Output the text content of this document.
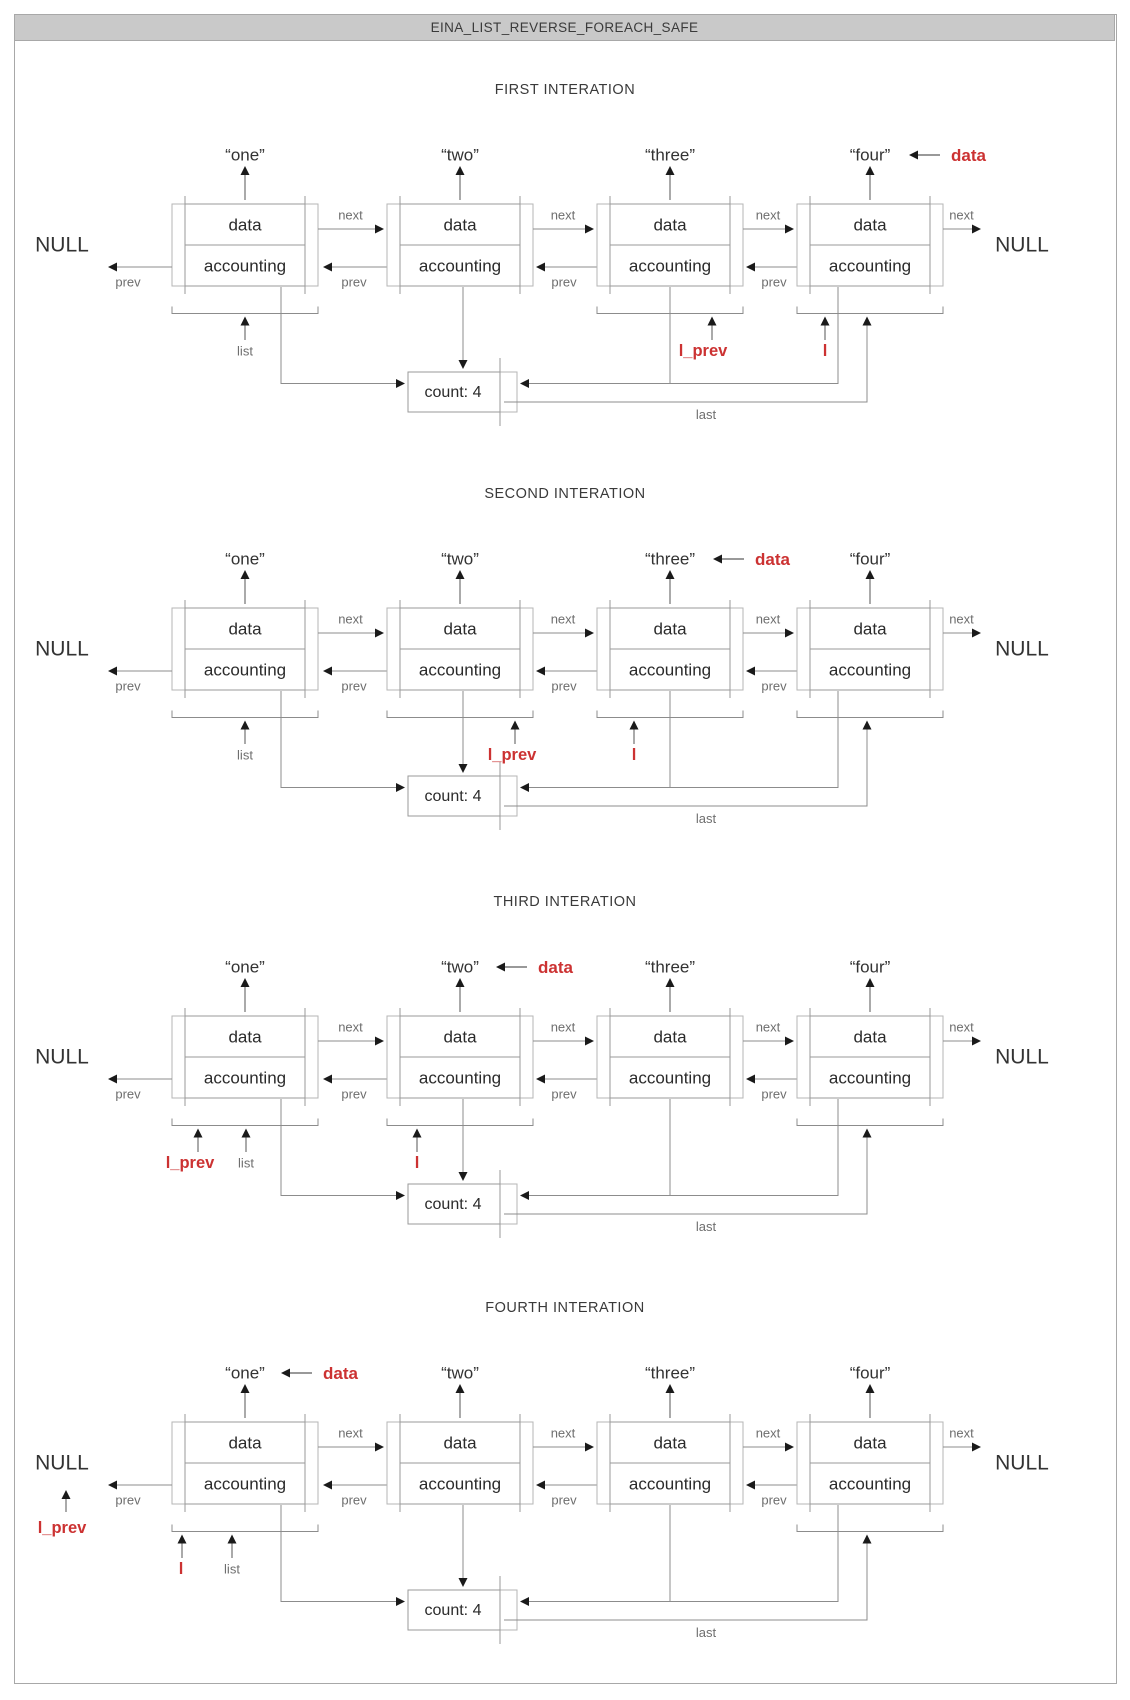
EINA_LIST_REVERSE_FOREACH_SAFE
FIRST INTERATION
data
accounting
“one”
next
prev
data
accounting
“two”
next
prev
data
accounting
“three”
next
prev
data
accounting
“four”
next
prev
NULL	NULL
count: 4
last
list	l_prev	l
data
SECOND INTERATION
data
accounting
“one”
next
prev
data
accounting
“two”
next
prev
data
accounting
“three”
next
prev
data
accounting
“four”
next
prev
NULL	NULL
count: 4
last
list	l_prev	l
data
THIRD INTERATION
data
accounting
“one”
next
prev
data
accounting
“two”
next
prev
data
accounting
“three”
next
prev
data
accounting
“four”
next
prev
NULL	NULL
count: 4
last
l_prev list	l
data
FOURTH INTERATION
data
accounting
“one”
next
prev
data
accounting
“two”
next
prev
data
accounting
“three”
next
prev
data
accounting
“four”
next
prev
NULL	NULL
count: 4
last
l_prev
l	list
data
